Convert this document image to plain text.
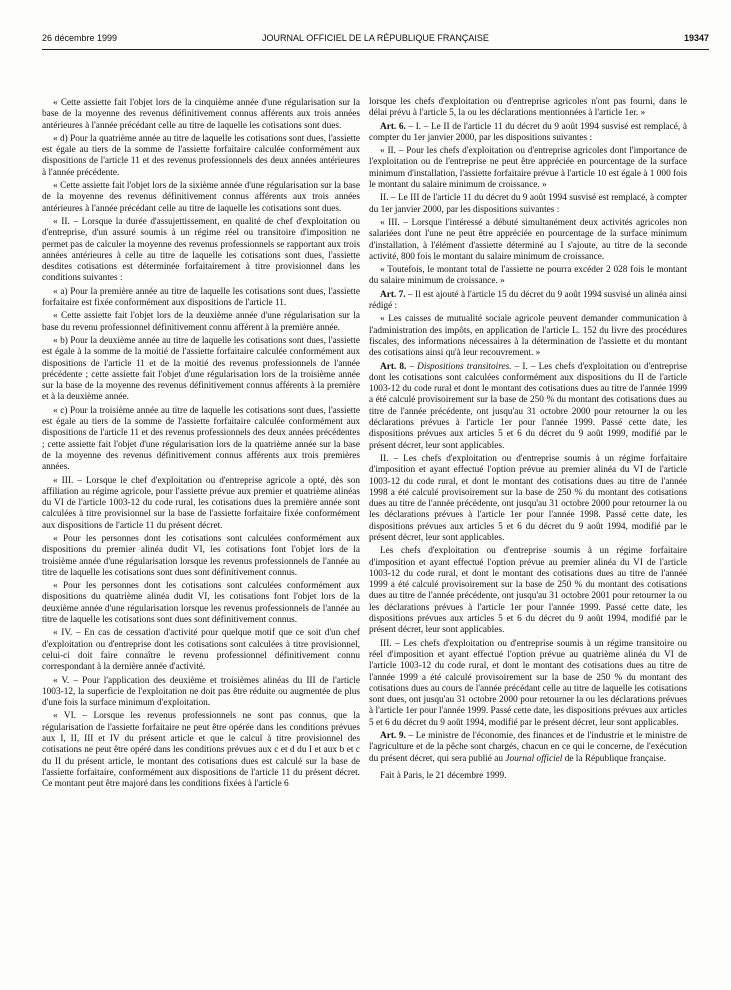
26 décembre 1999	JOURNAL OFFICIEL DE LA RÉPUBLIQUE FRANÇAISE	19347

« Cette assiette fait l'objet lors de la cinquième année d'une régularisation sur la base de la moyenne des revenus définitivement connus afférents aux trois années antérieures à l'année précédant celle au titre de laquelle les cotisations sont dues.

« d) Pour la quatrième année au titre de laquelle les cotisations sont dues, l'assiette est égale au tiers de la somme de l'assiette forfaitaire calculée conformément aux dispositions de l'article 11 et des revenus professionnels des deux années antérieures à l'année précédente.

« Cette assiette fait l'objet lors de la sixième année d'une régularisation sur la base de la moyenne des revenus définitivement connus afférents aux trois années antérieures à l'année précédant celle au titre de laquelle les cotisations sont dues.

« II. – Lorsque la durée d'assujettissement, en qualité de chef d'exploitation ou d'entreprise, d'un assuré soumis à un régime réel ou transitoire d'imposition ne permet pas de calculer la moyenne des revenus professionnels se rapportant aux trois années antérieures à celle au titre de laquelle les cotisations sont dues, l'assiette desdites cotisations est déterminée forfaitairement à titre provisionnel dans les conditions suivantes :

« a) Pour la première année au titre de laquelle les cotisations sont dues, l'assiette forfaitaire est fixée conformément aux dispositions de l'article 11.

« Cette assiette fait l'objet lors de la deuxième année d'une régularisation sur la base du revenu professionnel définitivement connu afférent à la première année.

« b) Pour la deuxième année au titre de laquelle les cotisations sont dues, l'assiette est égale à la somme de la moitié de l'assiette forfaitaire calculée conformément aux dispositions de l'article 11 et de la moitié des revenus professionnels de l'année précédente ; cette assiette fait l'objet d'une régularisation lors de la troisième année sur la base de la moyenne des revenus définitivement connus afférents à la première et à la deuxième année.

« c) Pour la troisième année au titre de laquelle les cotisations sont dues, l'assiette est égale au tiers de la somme de l'assiette forfaitaire calculée conformément aux dispositions de l'article 11 et des revenus professionnels des deux années précédentes ; cette assiette fait l'objet d'une régularisation lors de la quatrième année sur la base de la moyenne des revenus définitivement connus afférents aux trois premières années.

« III. – Lorsque le chef d'exploitation ou d'entreprise agricole a opté, dès son affiliation au régime agricole, pour l'assiette prévue aux premier et quatrième alinéas du VI de l'article 1003-12 du code rural, les cotisations dues la première année sont calculées à titre provisionnel sur la base de l'assiette forfaitaire fixée conformément aux dispositions de l'article 11 du présent décret.

« Pour les personnes dont les cotisations sont calculées conformément aux dispositions du premier alinéa dudit VI, les cotisations font l'objet lors de la troisième année d'une régularisation lorsque les revenus professionnels de l'année au titre de laquelle les cotisations sont dues sont définitivement connus.

« Pour les personnes dont les cotisations sont calculées conformément aux dispositions du quatrième alinéa dudit VI, les cotisations font l'objet lors de la deuxième année d'une régularisation lorsque les revenus professionnels de l'année au titre de laquelle les cotisations sont dues sont définitivement connus.

« IV. – En cas de cessation d'activité pour quelque motif que ce soit d'un chef d'exploitation ou d'entreprise dont les cotisations sont calculées à titre provisionnel, celui-ci doit faire connaître le revenu professionnel définitivement connu correspondant à la dernière année d'activité.

« V. – Pour l'application des deuxième et troisièmes alinéas du III de l'article 1003-12, la superficie de l'exploitation ne doit pas être réduite ou augmentée de plus d'une fois la surface minimum d'exploitation.

« VI. – Lorsque les revenus professionnels ne sont pas connus, que la régularisation de l'assiette forfaitaire ne peut être opérée dans les conditions prévues aux I, II, III et IV du présent article et que le calcul à titre provisionnel des cotisations ne peut être opéré dans les conditions prévues aux c et d du I et aux b et c du II du présent article, le montant des cotisations dues est calculé sur la base de l'assiette forfaitaire, conformément aux dispositions de l'article 11 du présent décret. Ce montant peut être majoré dans les conditions fixées à l'article 6

lorsque les chefs d'exploitation ou d'entreprise agricoles n'ont pas fourni, dans le délai prévu à l'article 5, la ou les déclarations mentionnées à l'article 1er. »

Art. 6. – I. – Le II de l'article 11 du décret du 9 août 1994 susvisé est remplacé, à compter du 1er janvier 2000, par les dispositions suivantes :

« II. – Pour les chefs d'exploitation ou d'entreprise agricoles dont l'importance de l'exploitation ou de l'entreprise ne peut être appréciée en pourcentage de la surface minimum d'installation, l'assiette forfaitaire prévue à l'article 10 est égale à 1 000 fois le montant du salaire minimum de croissance. »

II. – Le III de l'article 11 du décret du 9 août 1994 susvisé est remplacé, à compter du 1er janvier 2000, par les dispositions suivantes :

« III. – Lorsque l'intéressé a débuté simultanément deux activités agricoles non salariées dont l'une ne peut être appréciée en pourcentage de la surface minimum d'installation, à l'élément d'assiette déterminé au I s'ajoute, au titre de la seconde activité, 800 fois le montant du salaire minimum de croissance.

« Toutefois, le montant total de l'assiette ne pourra excéder 2 028 fois le montant du salaire minimum de croissance. »

Art. 7. – Il est ajouté à l'article 15 du décret du 9 août 1994 susvisé un alinéa ainsi rédigé :

« Les caisses de mutualité sociale agricole peuvent demander communication à l'administration des impôts, en application de l'article L. 152 du livre des procédures fiscales, des informations nécessaires à la détermination de l'assiette et du montant des cotisations ainsi qu'à leur recouvrement. »

Art. 8. – Dispositions transitoires. – I. – Les chefs d'exploitation ou d'entreprise dont les cotisations sont calculées conformément aux dispositions du II de l'article 1003-12 du code rural et dont le montant des cotisations dues au titre de l'année 1999 a été calculé provisoirement sur la base de 250 % du montant des cotisations dues au titre de l'année précédente, ont jusqu'au 31 octobre 2000 pour retourner la ou les déclarations prévues à l'article 1er pour l'année 1999. Passé cette date, les dispositions prévues aux articles 5 et 6 du décret du 9 août 1999, modifié par le présent décret, leur sont applicables.

II. – Les chefs d'exploitation ou d'entreprise soumis à un régime forfaitaire d'imposition et ayant effectué l'option prévue au premier alinéa du VI de l'article 1003-12 du code rural, et dont le montant des cotisations dues au titre de l'année 1998 a été calculé provisoirement sur la base de 250 % du montant des cotisations dues au titre de l'année précédente, ont jusqu'au 31 octobre 2000 pour retourner la ou les déclarations prévues à l'article 1er pour l'année 1998. Passé cette date, les dispositions prévues aux articles 5 et 6 du décret du 9 août 1994, modifié par le présent décret, leur sont applicables.

Les chefs d'exploitation ou d'entreprise soumis à un régime forfaitaire d'imposition et ayant effectué l'option prévue au premier alinéa du VI de l'article 1003-12 du code rural, et dont le montant des cotisations dues au titre de l'année 1999 a été calculé provisoirement sur la base de 250 % du montant des cotisations dues au titre de l'année précédente, ont jusqu'au 31 octobre 2001 pour retourner la ou les déclarations prévues à l'article 1er pour l'année 1999. Passé cette date, les dispositions prévues aux articles 5 et 6 du décret du 9 août 1994, modifié par le présent décret, leur sont applicables.

III. – Les chefs d'exploitation ou d'entreprise soumis à un régime transitoire ou réel d'imposition et ayant effectué l'option prévue au quatrième alinéa du VI de l'article 1003-12 du code rural, et dont le montant des cotisations dues au titre de l'année 1999 a été calculé provisoirement sur la base de 250 % du montant des cotisations dues au cours de l'année précédant celle au titre de laquelle les cotisations sont dues, ont jusqu'au 31 octobre 2000 pour retourner la ou les déclarations prévues à l'article 1er pour l'année 1999. Passé cette date, les dispositions prévues aux articles 5 et 6 du décret du 9 août 1994, modifié par le présent décret, leur sont applicables.

Art. 9. – Le ministre de l'économie, des finances et de l'industrie et le ministre de l'agriculture et de la pêche sont chargés, chacun en ce qui le concerne, de l'exécution du présent décret, qui sera publié au Journal officiel de la République française.

Fait à Paris, le 21 décembre 1999.
